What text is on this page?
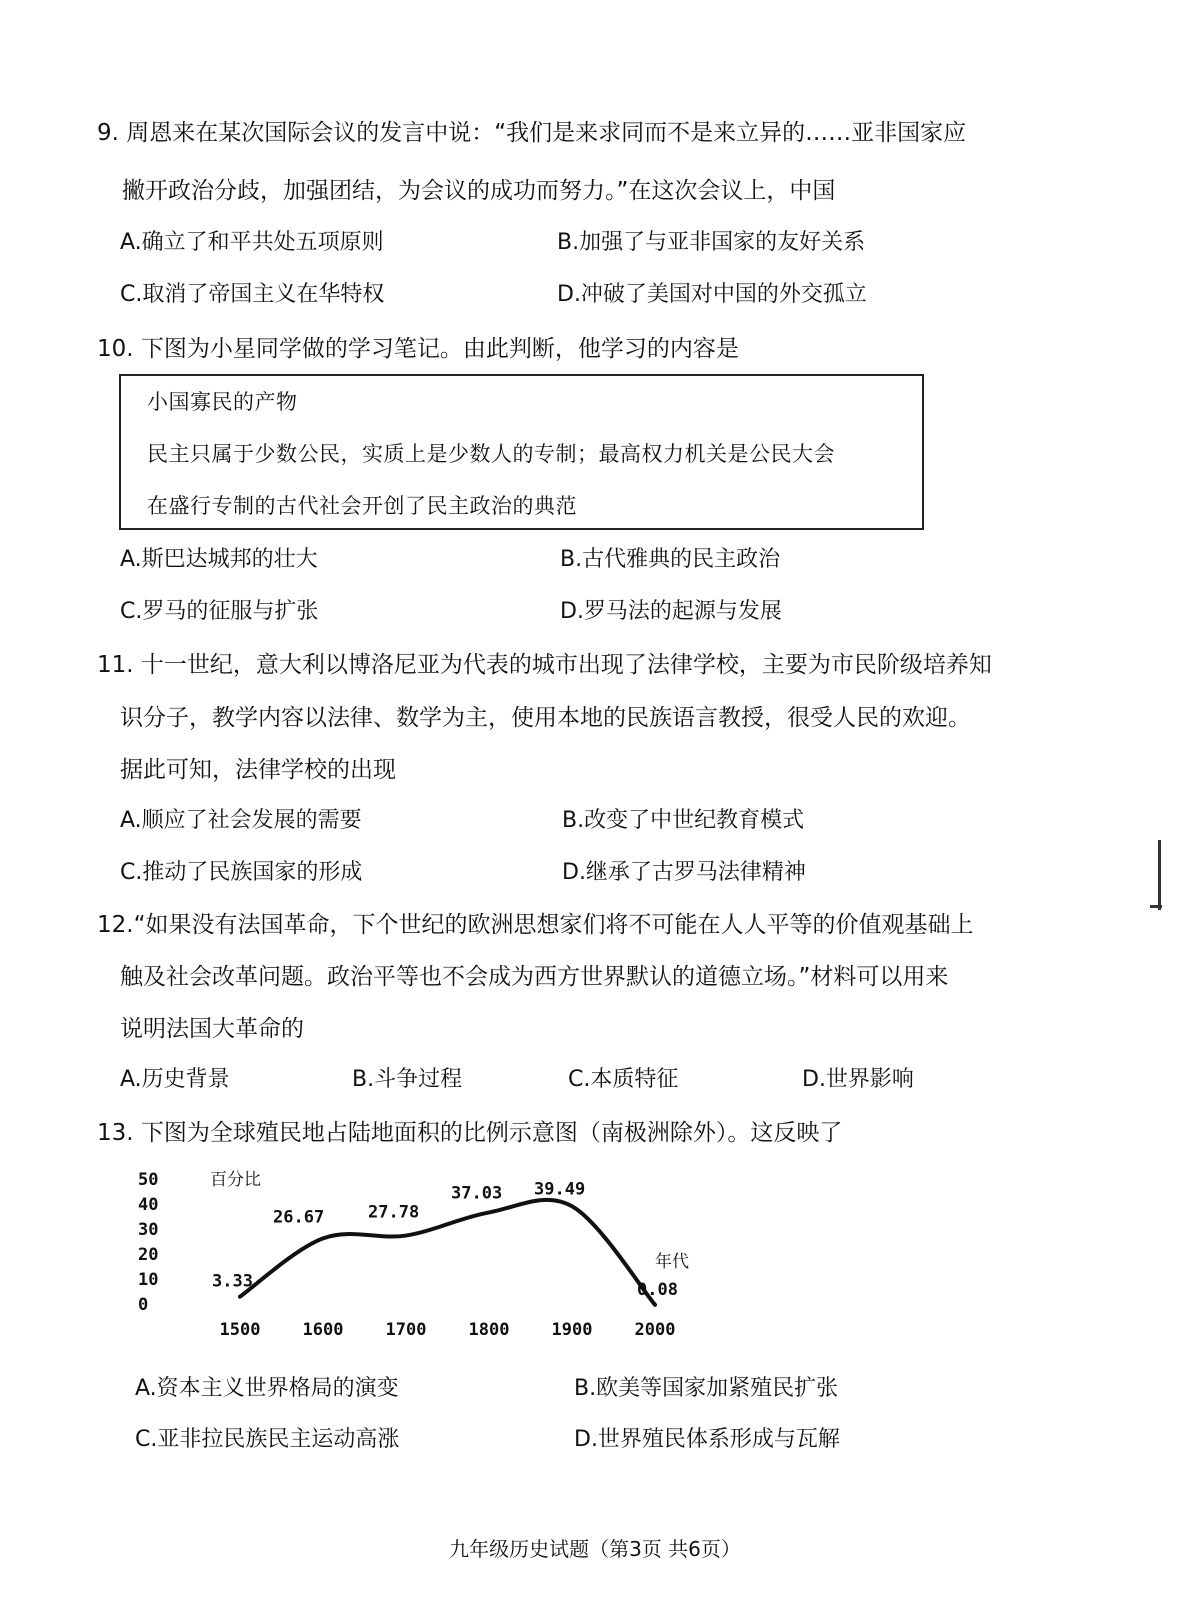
9. 周恩来在某次国际会议的发言中说：“我们是来求同而不是来立异的……亚非国家应
撇开政治分歧，加强团结，为会议的成功而努力。”在这次会议上，中国
A.确立了和平共处五项原则	B.加强了与亚非国家的友好关系
C.取消了帝国主义在华特权	D.冲破了美国对中国的外交孤立
10. 下图为小星同学做的学习笔记。由此判断，他学习的内容是
小国寡民的产物
民主只属于少数公民，实质上是少数人的专制；最高权力机关是公民大会
在盛行专制的古代社会开创了民主政治的典范
A.斯巴达城邦的壮大	B.古代雅典的民主政治
C.罗马的征服与扩张	D.罗马法的起源与发展
11. 十一世纪，意大利以博洛尼亚为代表的城市出现了法律学校，主要为市民阶级培养知
识分子，教学内容以法律、数学为主，使用本地的民族语言教授，很受人民的欢迎。
据此可知，法律学校的出现
A.顺应了社会发展的需要	B.改变了中世纪教育模式
C.推动了民族国家的形成	D.继承了古罗马法律精神
12.“如果没有法国革命，下个世纪的欧洲思想家们将不可能在人人平等的价值观基础上
触及社会改革问题。政治平等也不会成为西方世界默认的道德立场。”材料可以用来
说明法国大革命的
A.历史背景	B.斗争过程	C.本质特征	D.世界影响
13. 下图为全球殖民地占陆地面积的比例示意图（南极洲除外）。这反映了
50
40
30
20
10
0
1500 1600 1700 1800 1900 2000
百分比
年代
3.33
26.67	27.78
37.03 39.49
0.08
A.资本主义世界格局的演变	B.欧美等国家加紧殖民扩张
C.亚非拉民族民主运动高涨	D.世界殖民体系形成与瓦解
九年级历史试题（第3页 共6页）
